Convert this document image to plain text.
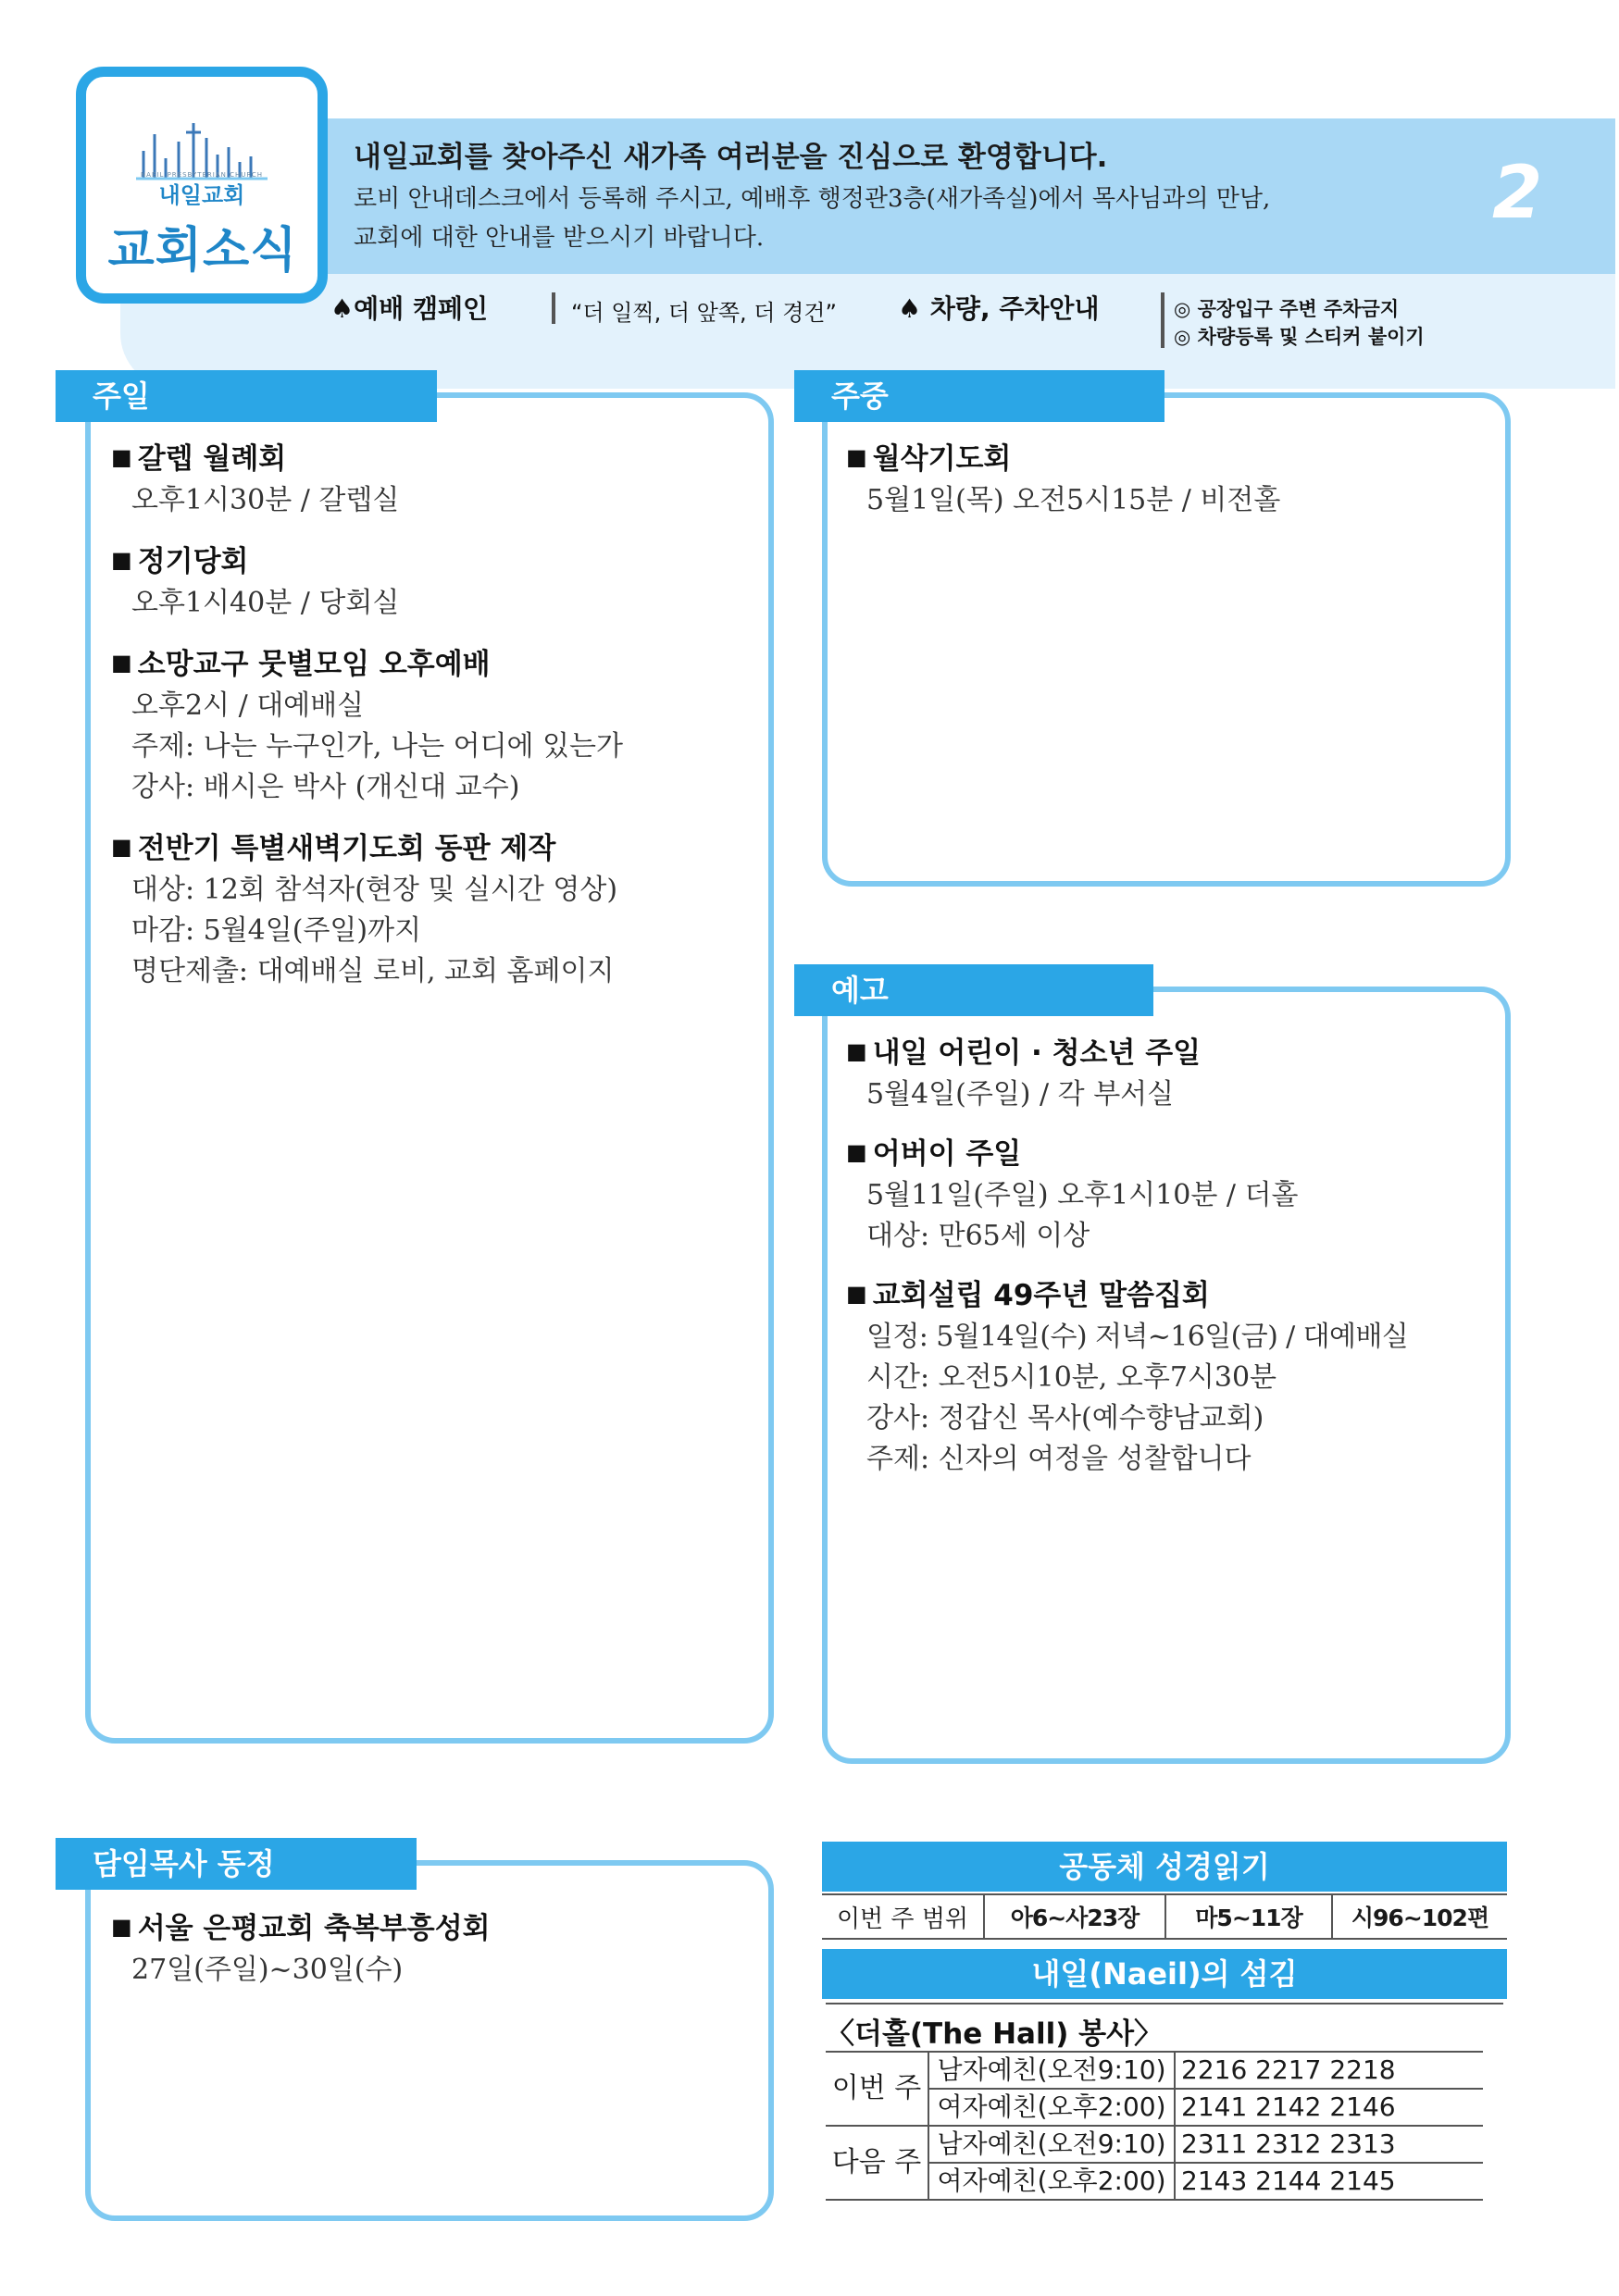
NAEIL PRESBYTERIAN CHURCH
내일교회
교회소식
내일교회를 찾아주신 새가족 여러분을 진심으로 환영합니다.
로비 안내데스크에서 등록해 주시고, 예배후 행정관3층(새가족실)에서 목사님과의 만남,
교회에 대한 안내를 받으시기 바랍니다.
2
♠예배 캠페인	“더 일찍, 더 앞쪽, 더 경건” ♠ 차량, 주차안내	◎ 공장입구 주변 주차금지
◎ 차량등록 및 스티커 붙이기
주일
■ 갈렙 월례회
오후1시30분 / 갈렙실
■ 정기당회
오후1시40분 / 당회실
■ 소망교구 뭇별모임 오후예배
오후2시 / 대예배실
주제: 나는 누구인가, 나는 어디에 있는가
강사: 배시은 박사 (개신대 교수)
■ 전반기 특별새벽기도회 동판 제작
대상: 12회 참석자(현장 및 실시간 영상)
마감: 5월4일(주일)까지
명단제출: 대예배실 로비, 교회 홈페이지
주중
■ 월삭기도회
5월1일(목) 오전5시15분 / 비전홀
예고
■ 내일 어린이 · 청소년 주일
5월4일(주일) / 각 부서실
■ 어버이 주일
5월11일(주일) 오후1시10분 / 더홀
대상: 만65세 이상
■ 교회설립 49주년 말씀집회
일정: 5월14일(수) 저녁~16일(금) / 대예배실
시간: 오전5시10분, 오후7시30분
강사: 정갑신 목사(예수향남교회)
주제: 신자의 여정을 성찰합니다
담임목사 동정
■ 서울 은평교회 축복부흥성회
27일(주일)~30일(수)
공동체 성경읽기
이번 주 범위	아6~사23장	마5~11장	시96~102편
내일(Naeil)의 섬김
〈더홀(The Hall) 봉사〉
이번 주	남자예친(오전9:10)	2216 2217 2218
	여자예친(오후2:00)	2141 2142 2146
다음 주	남자예친(오전9:10)	2311 2312 2313
	여자예친(오후2:00)	2143 2144 2145
